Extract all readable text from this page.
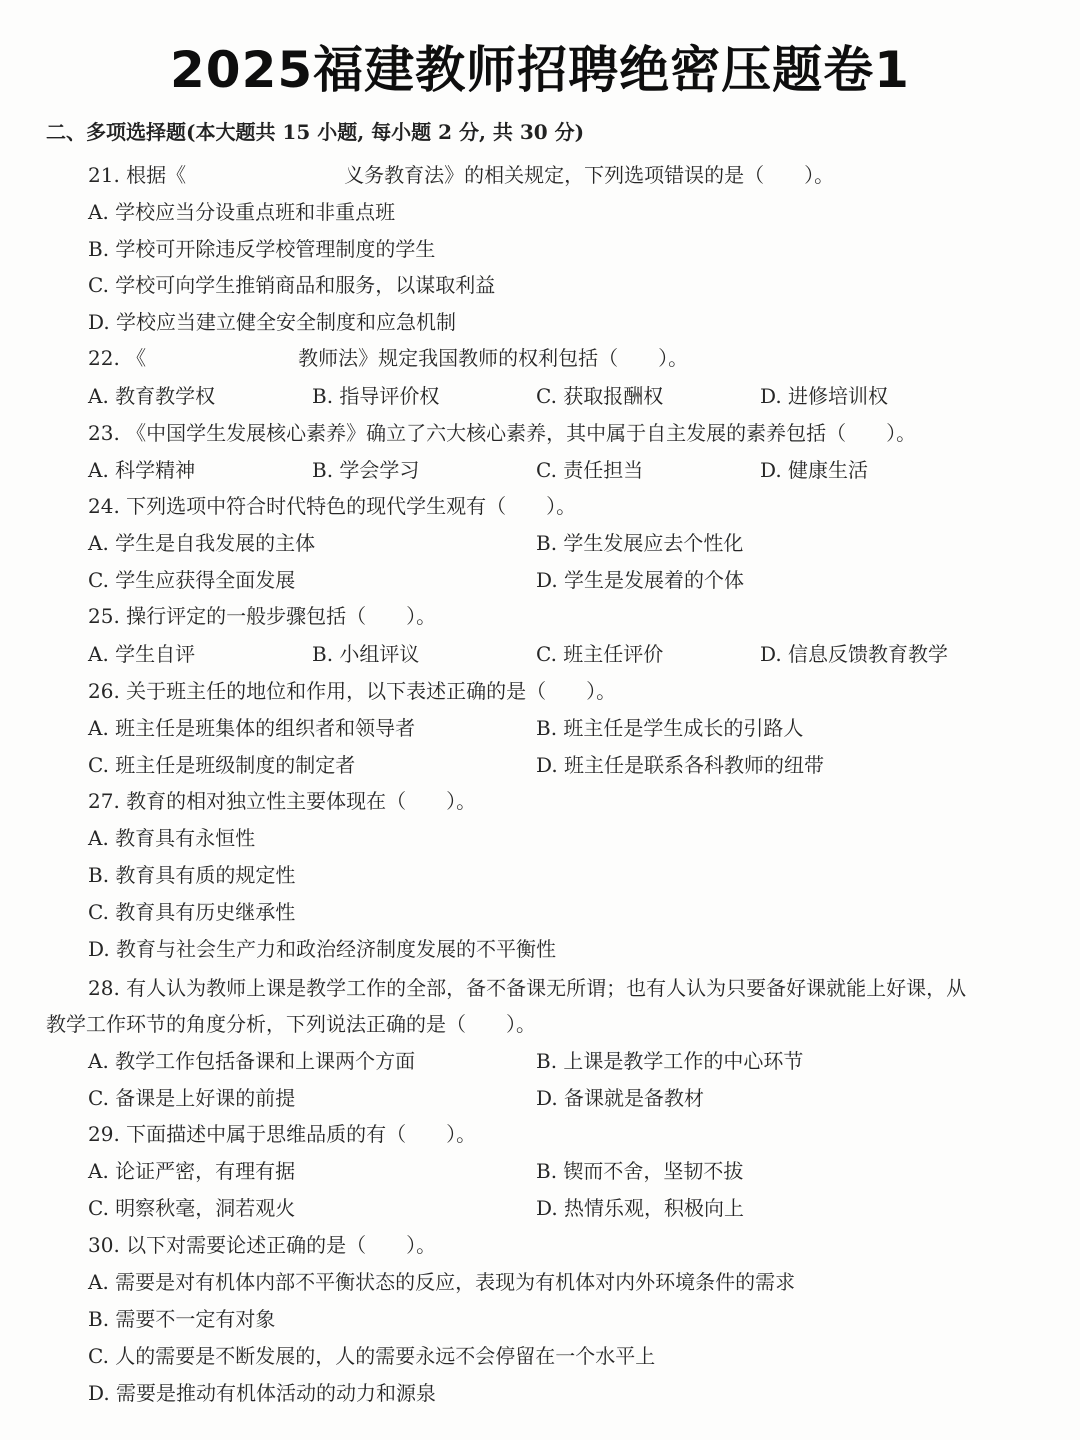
2025福建教师招聘绝密压题卷1
二、多项选择题(本大题共 15 小题, 每小题 2 分, 共 30 分)
21. 根据《	义务教育法》的相关规定，下列选项错误的是（　　）。
A. 学校应当分设重点班和非重点班
B. 学校可开除违反学校管理制度的学生
C. 学校可向学生推销商品和服务，以谋取利益
D. 学校应当建立健全安全制度和应急机制
22. 《	教师法》规定我国教师的权利包括（　　）。
A. 教育教学权	B. 指导评价权	C. 获取报酬权	D. 进修培训权
23. 《中国学生发展核心素养》确立了六大核心素养，其中属于自主发展的素养包括（　　）。
A. 科学精神	B. 学会学习	C. 责任担当	D. 健康生活
24. 下列选项中符合时代特色的现代学生观有（　　）。
A. 学生是自我发展的主体	B. 学生发展应去个性化
C. 学生应获得全面发展	D. 学生是发展着的个体
25. 操行评定的一般步骤包括（　　）。
A. 学生自评	B. 小组评议	C. 班主任评价	D. 信息反馈教育教学
26. 关于班主任的地位和作用，以下表述正确的是（　　）。
A. 班主任是班集体的组织者和领导者	B. 班主任是学生成长的引路人
C. 班主任是班级制度的制定者	D. 班主任是联系各科教师的纽带
27. 教育的相对独立性主要体现在（　　）。
A. 教育具有永恒性
B. 教育具有质的规定性
C. 教育具有历史继承性
D. 教育与社会生产力和政治经济制度发展的不平衡性
28. 有人认为教师上课是教学工作的全部，备不备课无所谓；也有人认为只要备好课就能上好课，从
教学工作环节的角度分析，下列说法正确的是（　　）。
A. 教学工作包括备课和上课两个方面	B. 上课是教学工作的中心环节
C. 备课是上好课的前提	D. 备课就是备教材
29. 下面描述中属于思维品质的有（　　）。
A. 论证严密，有理有据	B. 锲而不舍，坚韧不拔
C. 明察秋毫，洞若观火	D. 热情乐观，积极向上
30. 以下对需要论述正确的是（　　）。
A. 需要是对有机体内部不平衡状态的反应，表现为有机体对内外环境条件的需求
B. 需要不一定有对象
C. 人的需要是不断发展的，人的需要永远不会停留在一个水平上
D. 需要是推动有机体活动的动力和源泉
